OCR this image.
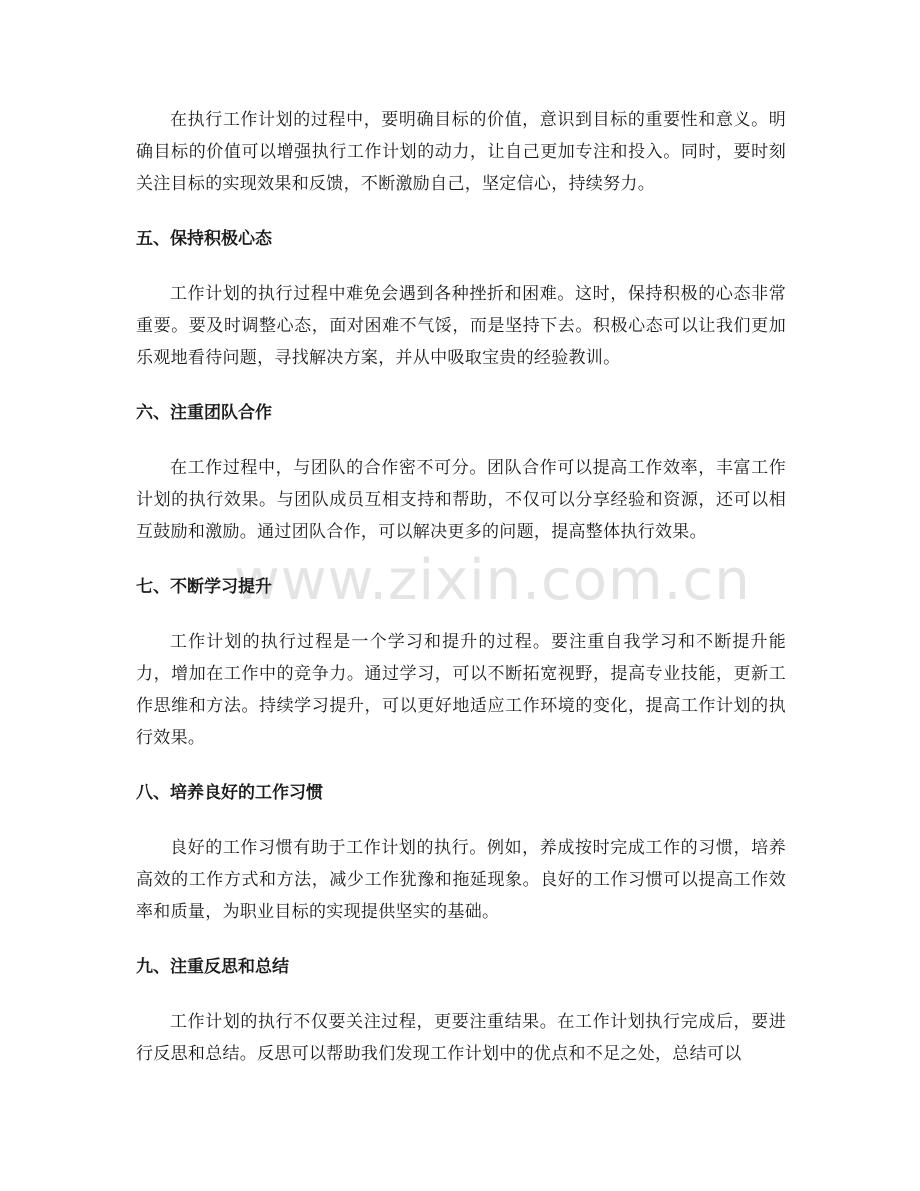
www.zixin.com.cn

在执行工作计划的过程中，要明确目标的价值，意识到目标的重要性和意义。明确目标的价值可以增强执行工作计划的动力，让自己更加专注和投入。同时，要时刻关注目标的实现效果和反馈，不断激励自己，坚定信心，持续努力。

五、保持积极心态

工作计划的执行过程中难免会遇到各种挫折和困难。这时，保持积极的心态非常重要。要及时调整心态，面对困难不气馁，而是坚持下去。积极心态可以让我们更加乐观地看待问题，寻找解决方案，并从中吸取宝贵的经验教训。

六、注重团队合作

在工作过程中，与团队的合作密不可分。团队合作可以提高工作效率，丰富工作计划的执行效果。与团队成员互相支持和帮助，不仅可以分享经验和资源，还可以相互鼓励和激励。通过团队合作，可以解决更多的问题，提高整体执行效果。

七、不断学习提升

工作计划的执行过程是一个学习和提升的过程。要注重自我学习和不断提升能力，增加在工作中的竞争力。通过学习，可以不断拓宽视野，提高专业技能，更新工作思维和方法。持续学习提升，可以更好地适应工作环境的变化，提高工作计划的执行效果。

八、培养良好的工作习惯

良好的工作习惯有助于工作计划的执行。例如，养成按时完成工作的习惯，培养高效的工作方式和方法，减少工作犹豫和拖延现象。良好的工作习惯可以提高工作效率和质量，为职业目标的实现提供坚实的基础。

九、注重反思和总结

工作计划的执行不仅要关注过程，更要注重结果。在工作计划执行完成后，要进行反思和总结。反思可以帮助我们发现工作计划中的优点和不足之处，总结可以
